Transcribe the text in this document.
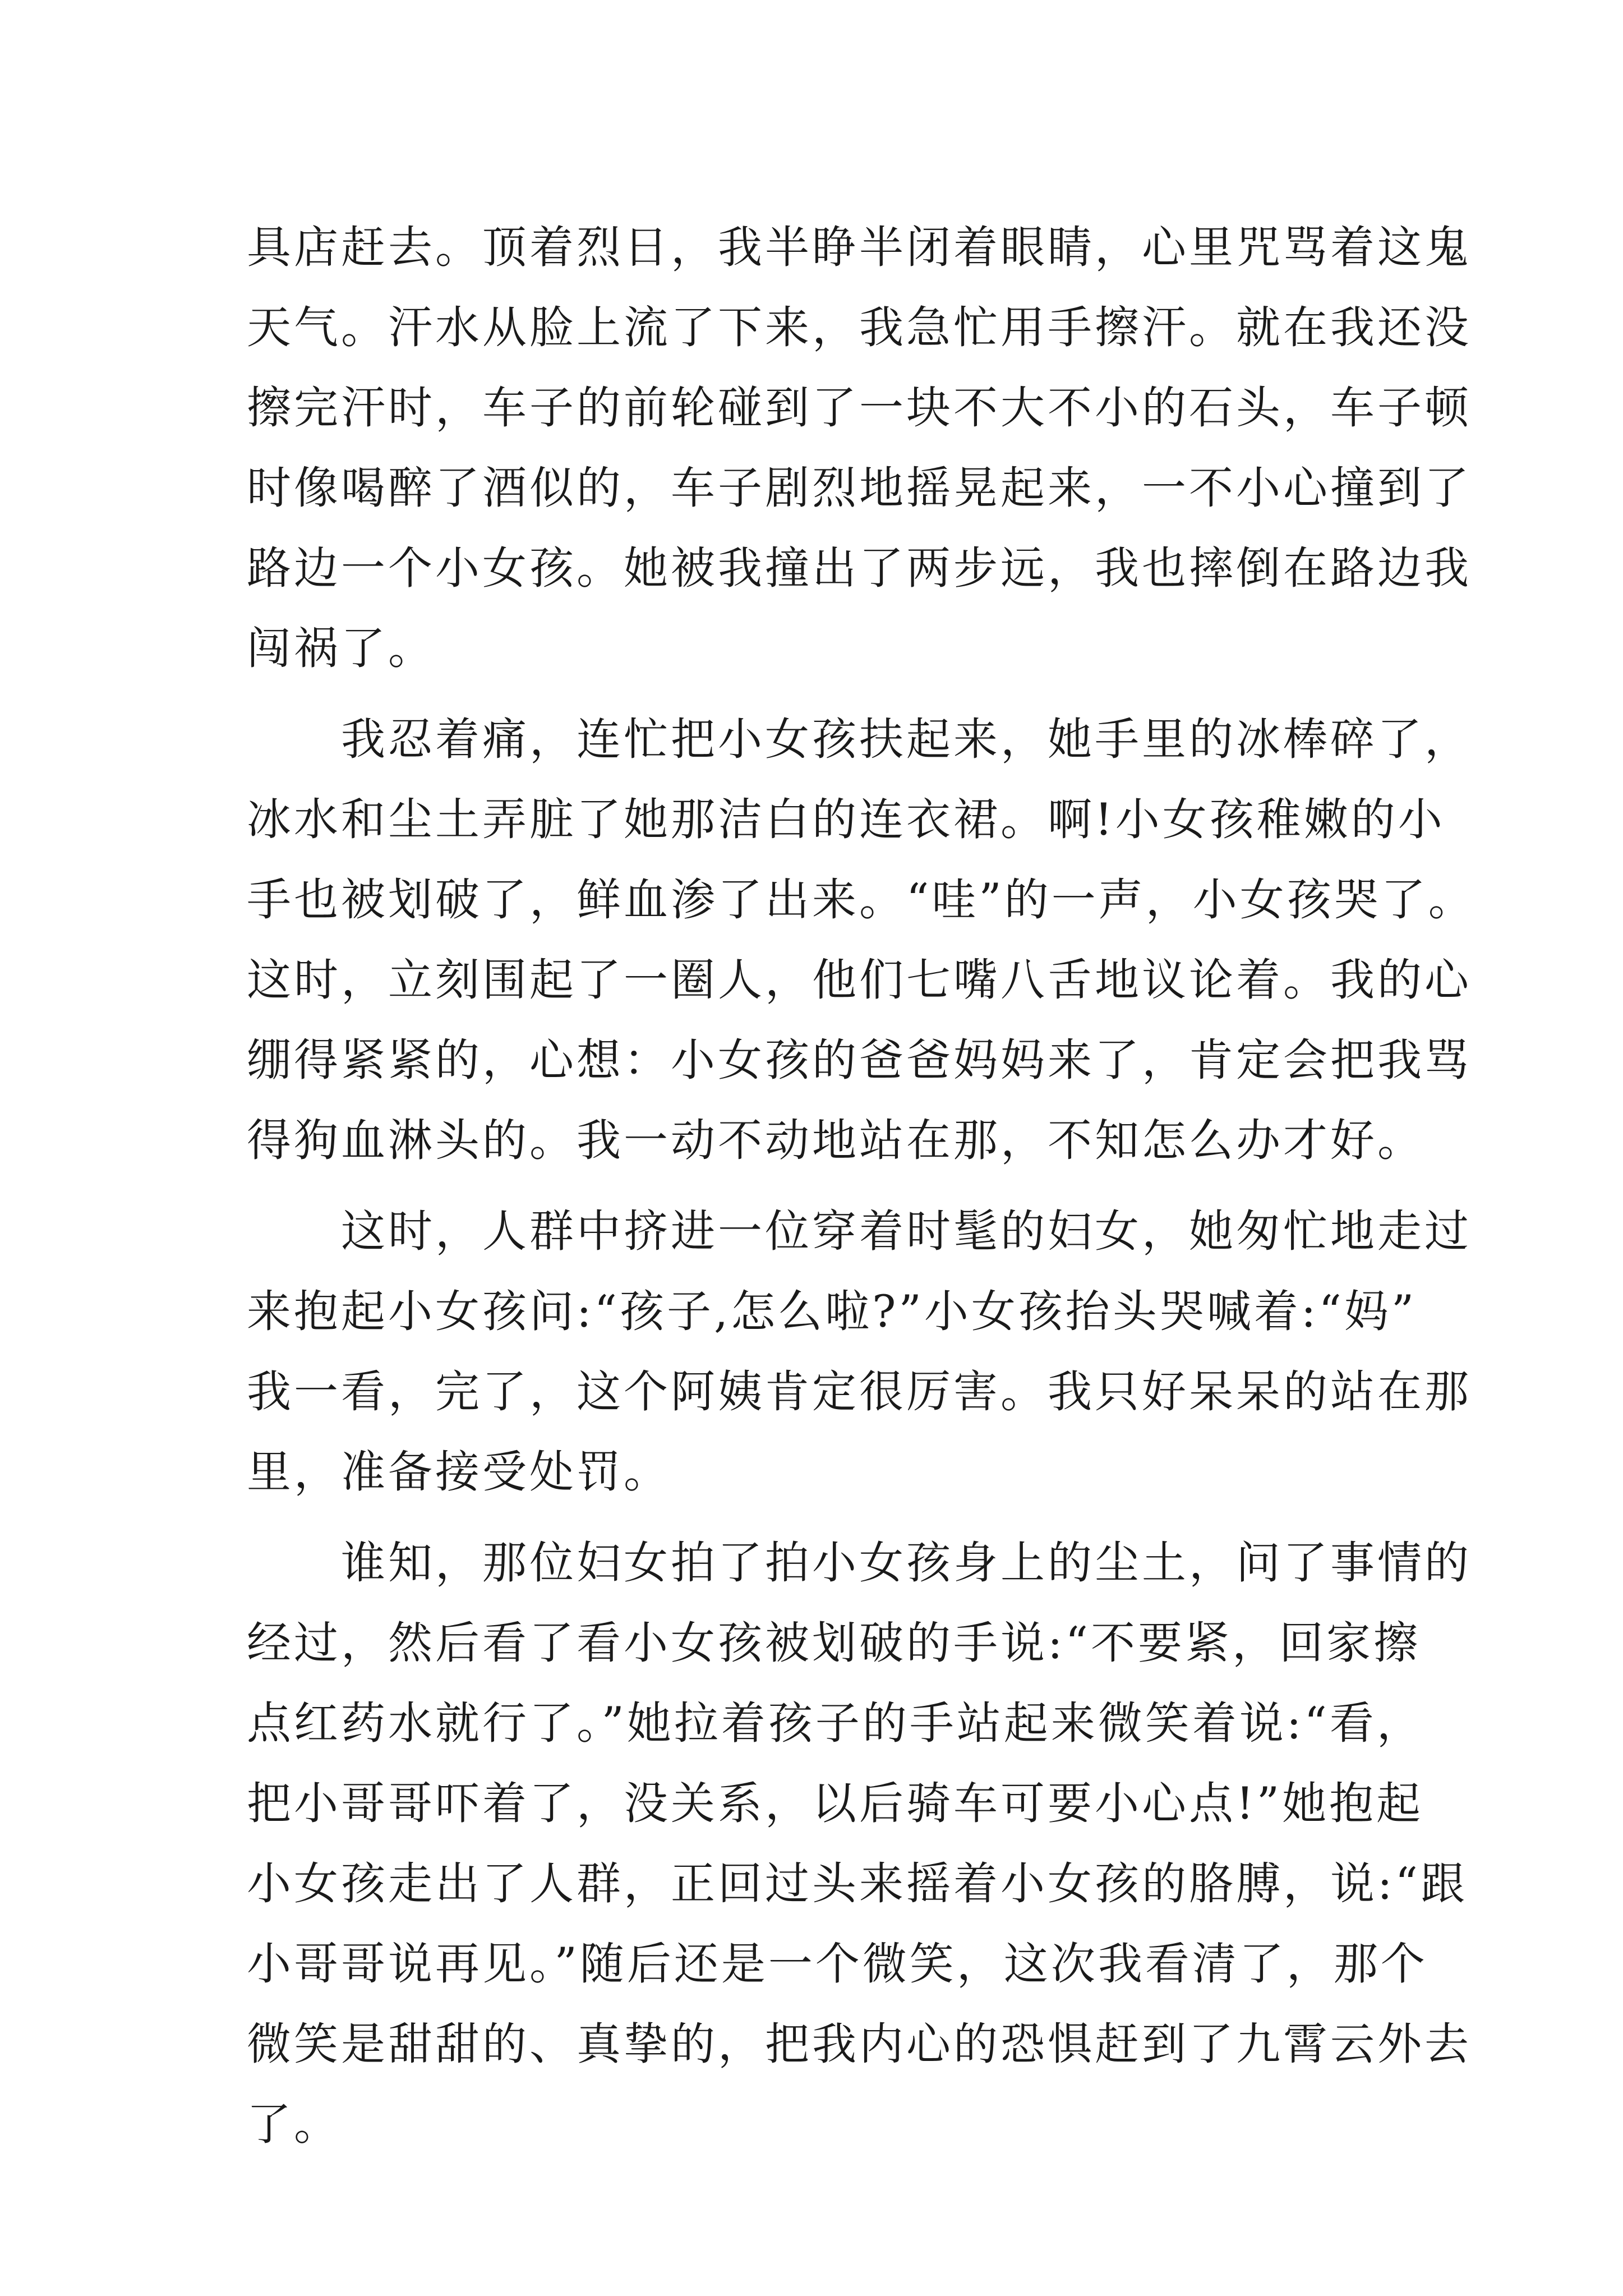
具店赶去。顶着烈日，我半睁半闭着眼睛，心里咒骂着这鬼
天气。汗水从脸上流了下来，我急忙用手擦汗。就在我还没
擦完汗时，车子的前轮碰到了一块不大不小的石头，车子顿
时像喝醉了酒似的，车子剧烈地摇晃起来，一不小心撞到了
路边一个小女孩。她被我撞出了两步远，我也摔倒在路边我
闯祸了。
　　我忍着痛，连忙把小女孩扶起来，她手里的冰棒碎了，
冰水和尘土弄脏了她那洁白的连衣裙。啊!小女孩稚嫩的小
手也被划破了，鲜血渗了出来。“哇”的一声，小女孩哭了。
这时，立刻围起了一圈人，他们七嘴八舌地议论着。我的心
绷得紧紧的，心想：小女孩的爸爸妈妈来了，肯定会把我骂
得狗血淋头的。我一动不动地站在那，不知怎么办才好。
　　这时，人群中挤进一位穿着时髦的妇女，她匆忙地走过
来抱起小女孩问:“孩子,怎么啦?”小女孩抬头哭喊着:“妈”
我一看，完了，这个阿姨肯定很厉害。我只好呆呆的站在那
里，准备接受处罚。
　　谁知，那位妇女拍了拍小女孩身上的尘土，问了事情的
经过，然后看了看小女孩被划破的手说:“不要紧，回家擦
点红药水就行了。”她拉着孩子的手站起来微笑着说:“看，
把小哥哥吓着了，没关系，以后骑车可要小心点!”她抱起
小女孩走出了人群，正回过头来摇着小女孩的胳膊，说:“跟
小哥哥说再见。”随后还是一个微笑，这次我看清了，那个
微笑是甜甜的、真挚的，把我内心的恐惧赶到了九霄云外去
了。
